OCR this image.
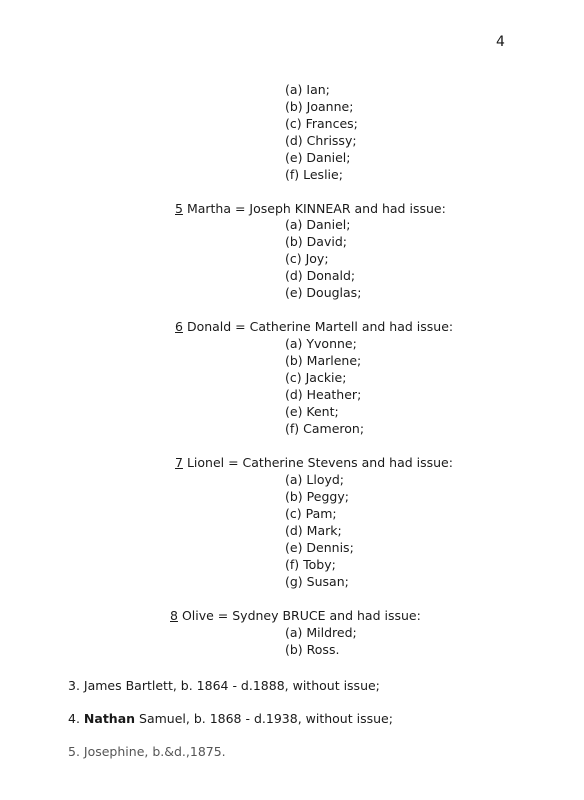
4
(a) Ian;
(b) Joanne;
(c) Frances;
(d) Chrissy;
(e) Daniel;
(f) Leslie;
5 Martha = Joseph KINNEAR and had issue:
(a) Daniel;
(b) David;
(c) Joy;
(d) Donald;
(e) Douglas;
6 Donald = Catherine Martell and had issue:
(a) Yvonne;
(b) Marlene;
(c) Jackie;
(d) Heather;
(e) Kent;
(f) Cameron;
7 Lionel = Catherine Stevens and had issue:
(a) Lloyd;
(b) Peggy;
(c) Pam;
(d) Mark;
(e) Dennis;
(f) Toby;
(g) Susan;
8 Olive = Sydney BRUCE and had issue:
(a) Mildred;
(b) Ross.
3. James Bartlett, b. 1864 - d.1888, without issue;
4. Nathan Samuel, b. 1868 - d.1938, without issue;
5. Josephine, b.&d.,1875.
